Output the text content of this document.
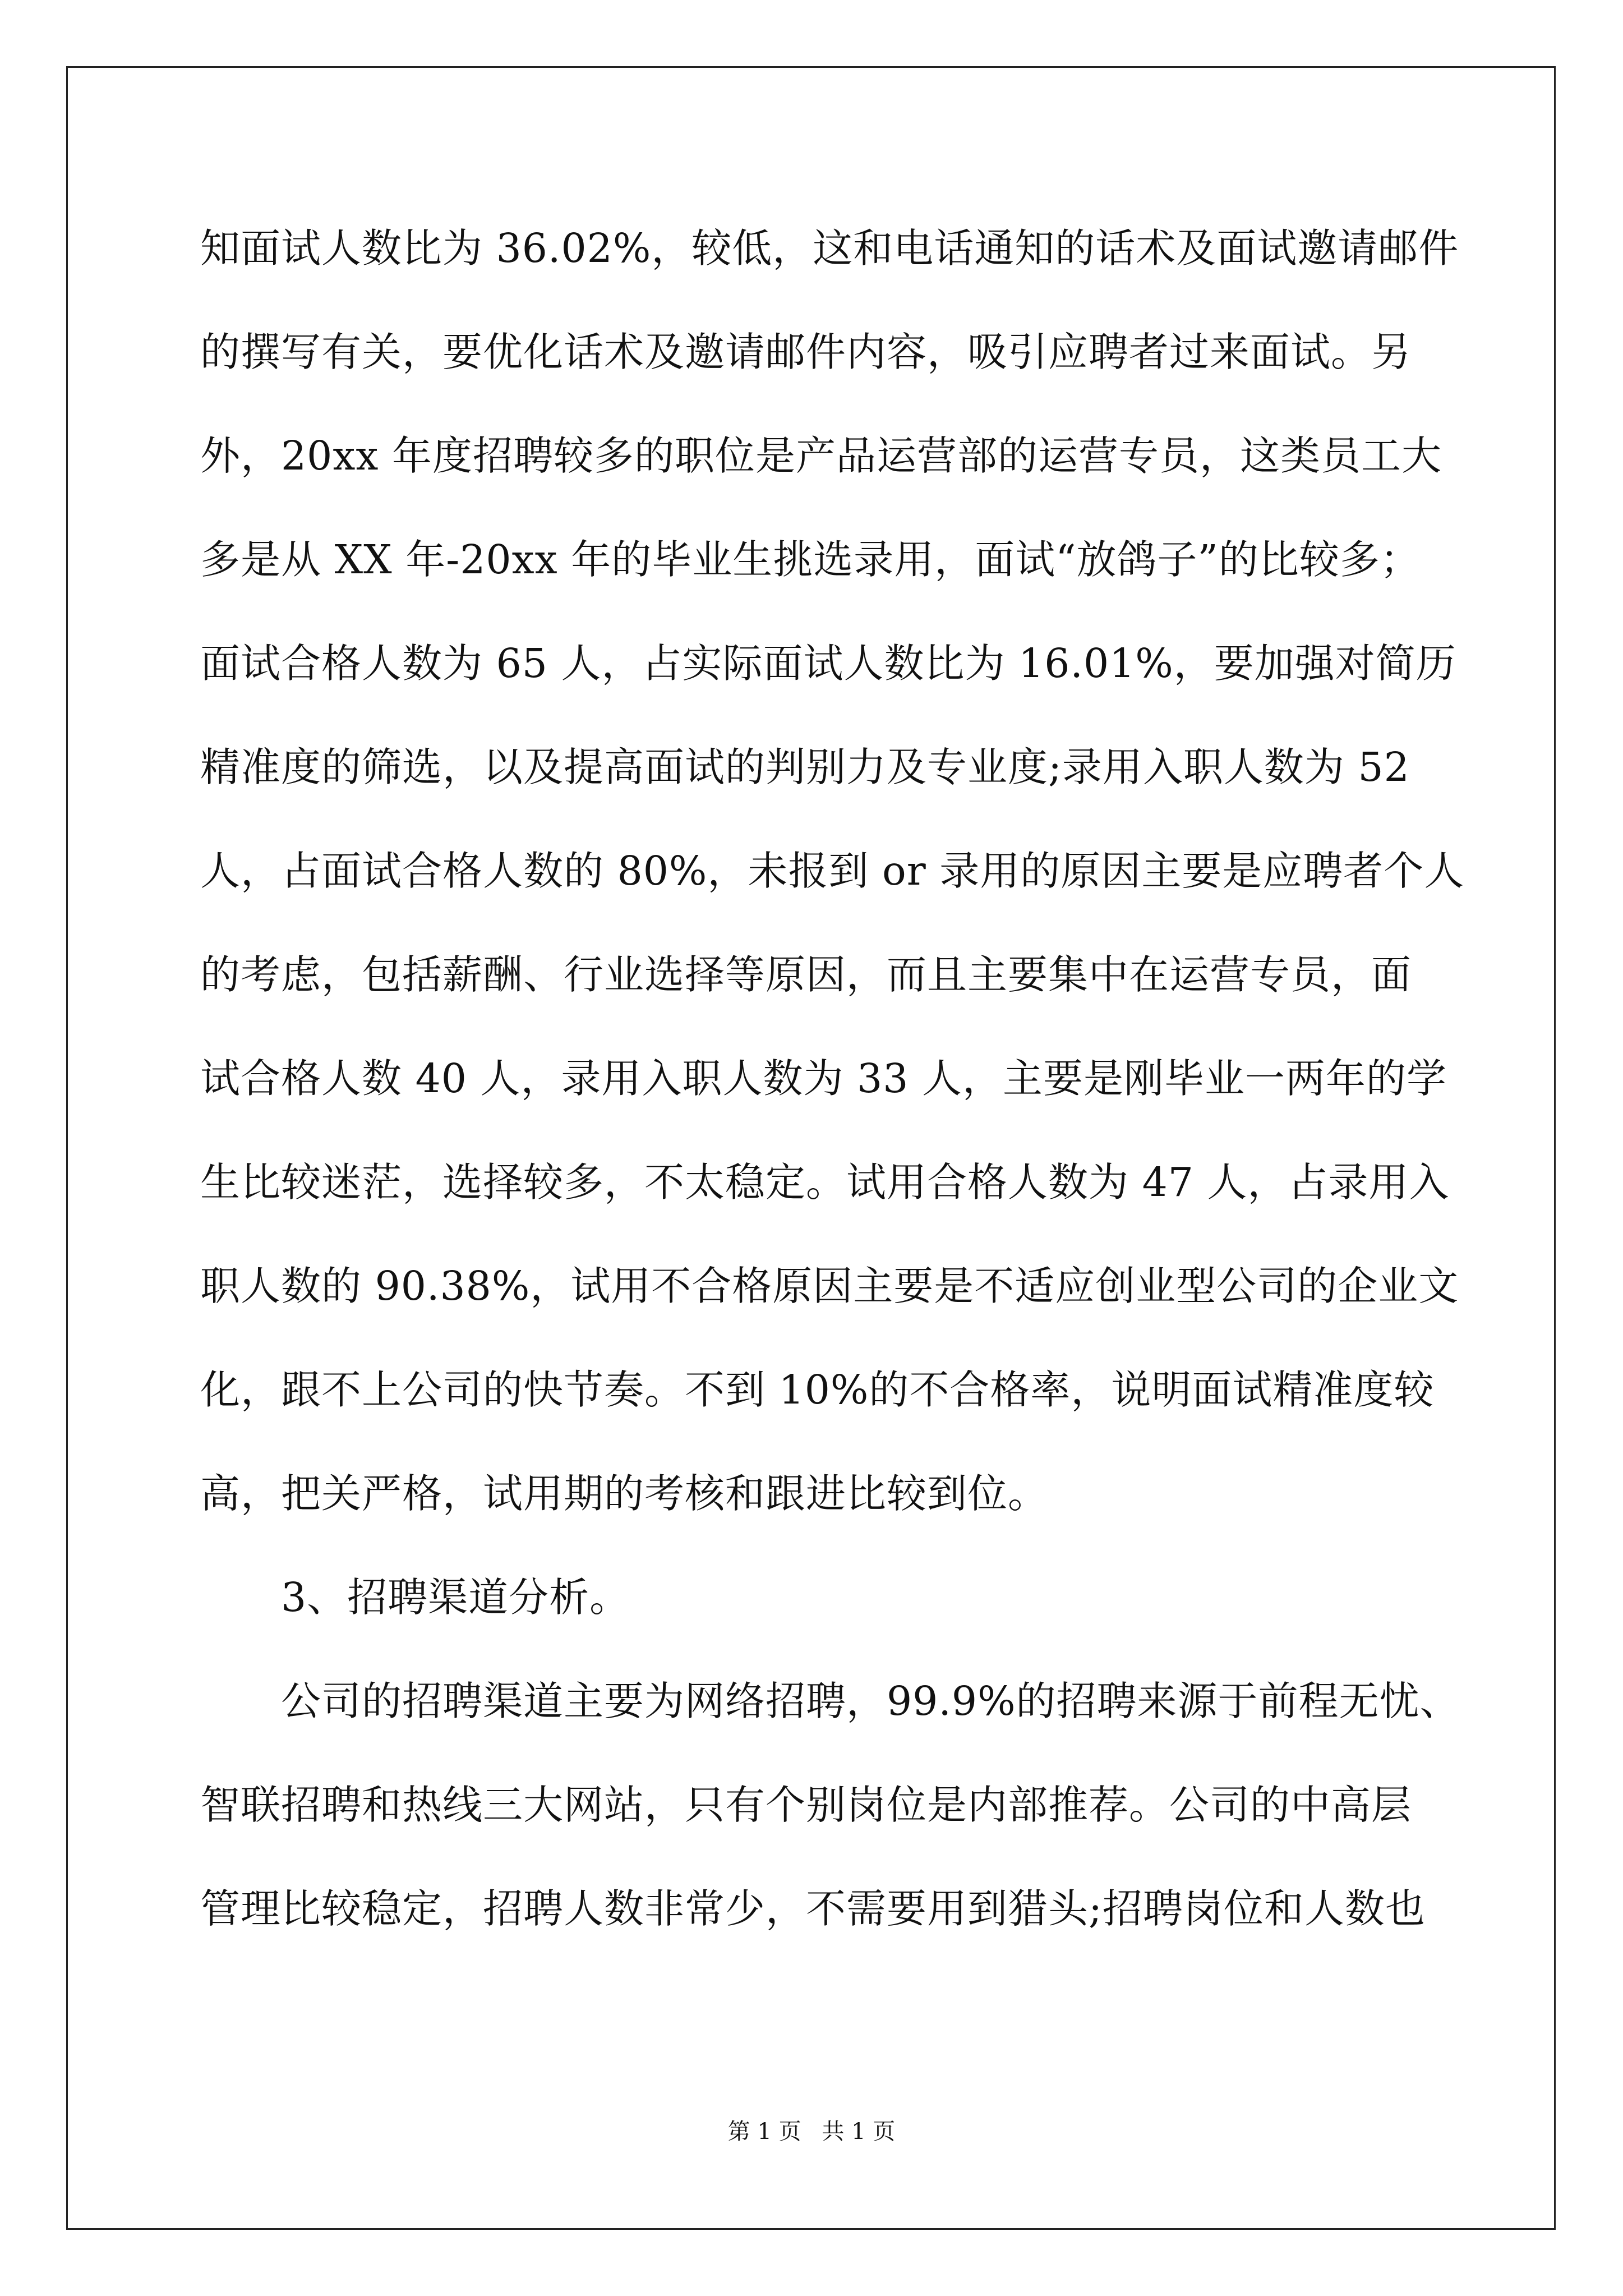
知面试人数比为 36.02%，较低，这和电话通知的话术及面试邀请邮件
的撰写有关，要优化话术及邀请邮件内容，吸引应聘者过来面试。另
外，20xx 年度招聘较多的职位是产品运营部的运营专员，这类员工大
多是从 XX 年-20xx 年的毕业生挑选录用，面试“放鸽子”的比较多；
面试合格人数为 65 人，占实际面试人数比为 16.01%，要加强对简历
精准度的筛选，以及提高面试的判别力及专业度;录用入职人数为 52
人，占面试合格人数的 80%，未报到 or 录用的原因主要是应聘者个人
的考虑，包括薪酬、行业选择等原因，而且主要集中在运营专员，面
试合格人数 40 人，录用入职人数为 33 人，主要是刚毕业一两年的学
生比较迷茫，选择较多，不太稳定。试用合格人数为 47 人，占录用入
职人数的 90.38%，试用不合格原因主要是不适应创业型公司的企业文
化，跟不上公司的快节奏。不到 10%的不合格率，说明面试精准度较
高，把关严格，试用期的考核和跟进比较到位。
　　3、招聘渠道分析。
　　公司的招聘渠道主要为网络招聘，99.9%的招聘来源于前程无忧、
智联招聘和热线三大网站，只有个别岗位是内部推荐。公司的中高层
管理比较稳定，招聘人数非常少，不需要用到猎头;招聘岗位和人数也
第 1 页 共 1 页
